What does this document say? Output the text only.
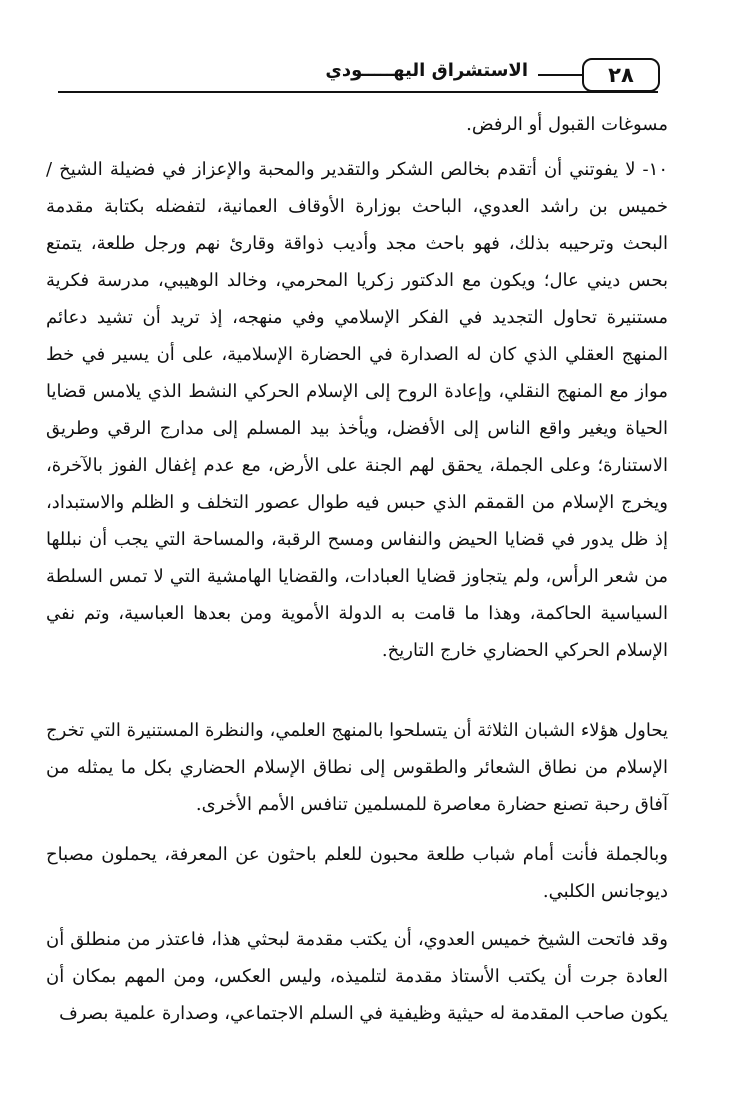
٢٨
الاستشراق اليهـــــودي

مسوغات القبول أو الرفض.

١٠- لا يفوتني أن أتقدم بخالص الشكر والتقدير والمحبة والإعزاز في فضيلة الشيخ / خميس بن راشد العدوي، الباحث بوزارة الأوقاف العمانية، لتفضله بكتابة مقدمة البحث وترحيبه بذلك، فهو باحث مجد وأديب ذواقة وقارئ نهم ورجل طلعة، يتمتع بحس ديني عال؛ ويكون مع الدكتور زكريا المحرمي، وخالد الوهيبي، مدرسة فكرية مستنيرة تحاول التجديد في الفكر الإسلامي وفي منهجه، إذ تريد أن تشيد دعائم المنهج العقلي الذي كان له الصدارة في الحضارة الإسلامية، على أن يسير في خط مواز مع المنهج النقلي، وإعادة الروح إلى الإسلام الحركي النشط الذي يلامس قضايا الحياة ويغير واقع الناس إلى الأفضل، ويأخذ بيد المسلم إلى مدارج الرقي وطريق الاستنارة؛ وعلى الجملة، يحقق لهم الجنة على الأرض، مع عدم إغفال الفوز بالآخرة، ويخرج الإسلام من القمقم الذي حبس فيه طوال عصور التخلف و الظلم والاستبداد، إذ ظل يدور في قضايا الحيض والنفاس ومسح الرقبة، والمساحة التي يجب أن نبللها من شعر الرأس، ولم يتجاوز قضايا العبادات، والقضايا الهامشية التي لا تمس السلطة السياسية الحاكمة، وهذا ما قامت به الدولة الأموية ومن بعدها العباسية، وتم نفي الإسلام الحركي الحضاري خارج التاريخ.

يحاول هؤلاء الشبان الثلاثة أن يتسلحوا بالمنهج العلمي، والنظرة المستنيرة التي تخرج الإسلام من نطاق الشعائر والطقوس إلى نطاق الإسلام الحضاري بكل ما يمثله من آفاق رحبة تصنع حضارة معاصرة للمسلمين تنافس الأمم الأخرى.

وبالجملة فأنت أمام شباب طلعة محبون للعلم باحثون عن المعرفة، يحملون مصباح ديوجانس الكلبي.

وقد فاتحت الشيخ خميس العدوي، أن يكتب مقدمة لبحثي هذا، فاعتذر من منطلق أن العادة جرت أن يكتب الأستاذ مقدمة لتلميذه، وليس العكس، ومن المهم بمكان أن يكون صاحب المقدمة له حيثية وظيفية في السلم الاجتماعي، وصدارة علمية بصرف
